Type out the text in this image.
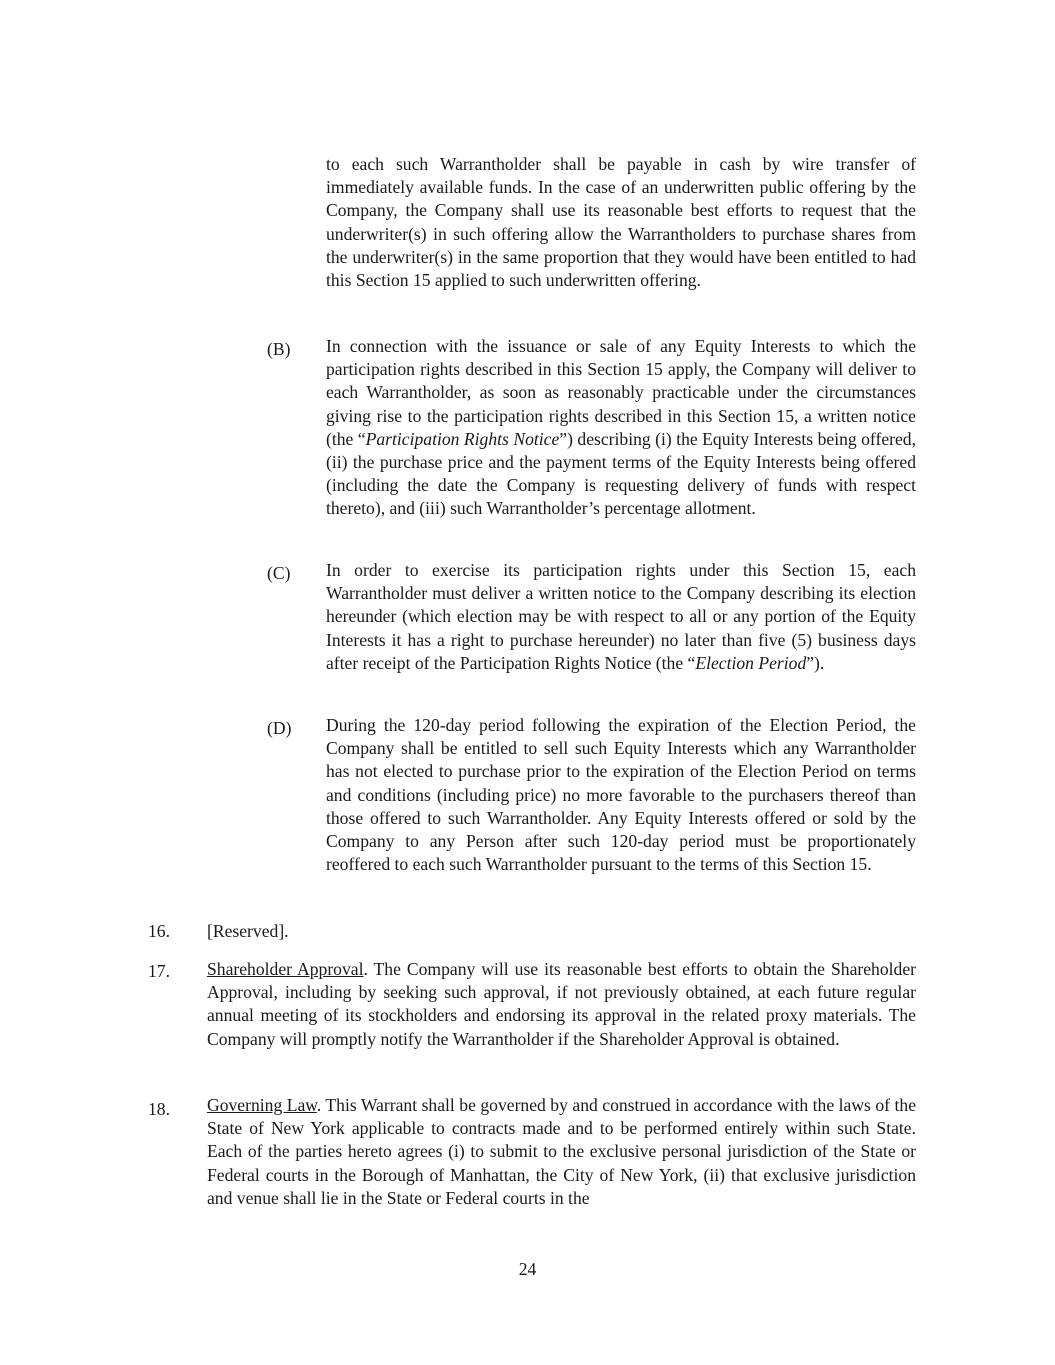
to each such Warrantholder shall be payable in cash by wire transfer of immediately available funds. In the case of an underwritten public offering by the Company, the Company shall use its reasonable best efforts to request that the underwriter(s) in such offering allow the Warrantholders to purchase shares from the underwriter(s) in the same proportion that they would have been entitled to had this Section 15 applied to such underwritten offering.
(B) In connection with the issuance or sale of any Equity Interests to which the participation rights described in this Section 15 apply, the Company will deliver to each Warrantholder, as soon as reasonably practicable under the circumstances giving rise to the participation rights described in this Section 15, a written notice (the “Participation Rights Notice”) describing (i) the Equity Interests being offered, (ii) the purchase price and the payment terms of the Equity Interests being offered (including the date the Company is requesting delivery of funds with respect thereto), and (iii) such Warrantholder’s percentage allotment.
(C) In order to exercise its participation rights under this Section 15, each Warrantholder must deliver a written notice to the Company describing its election hereunder (which election may be with respect to all or any portion of the Equity Interests it has a right to purchase hereunder) no later than five (5) business days after receipt of the Participation Rights Notice (the “Election Period”).
(D) During the 120-day period following the expiration of the Election Period, the Company shall be entitled to sell such Equity Interests which any Warrantholder has not elected to purchase prior to the expiration of the Election Period on terms and conditions (including price) no more favorable to the purchasers thereof than those offered to such Warrantholder. Any Equity Interests offered or sold by the Company to any Person after such 120-day period must be proportionately reoffered to each such Warrantholder pursuant to the terms of this Section 15.
16. [Reserved].
17. Shareholder Approval. The Company will use its reasonable best efforts to obtain the Shareholder Approval, including by seeking such approval, if not previously obtained, at each future regular annual meeting of its stockholders and endorsing its approval in the related proxy materials. The Company will promptly notify the Warrantholder if the Shareholder Approval is obtained.
18. Governing Law. This Warrant shall be governed by and construed in accordance with the laws of the State of New York applicable to contracts made and to be performed entirely within such State. Each of the parties hereto agrees (i) to submit to the exclusive personal jurisdiction of the State or Federal courts in the Borough of Manhattan, the City of New York, (ii) that exclusive jurisdiction and venue shall lie in the State or Federal courts in the
24
